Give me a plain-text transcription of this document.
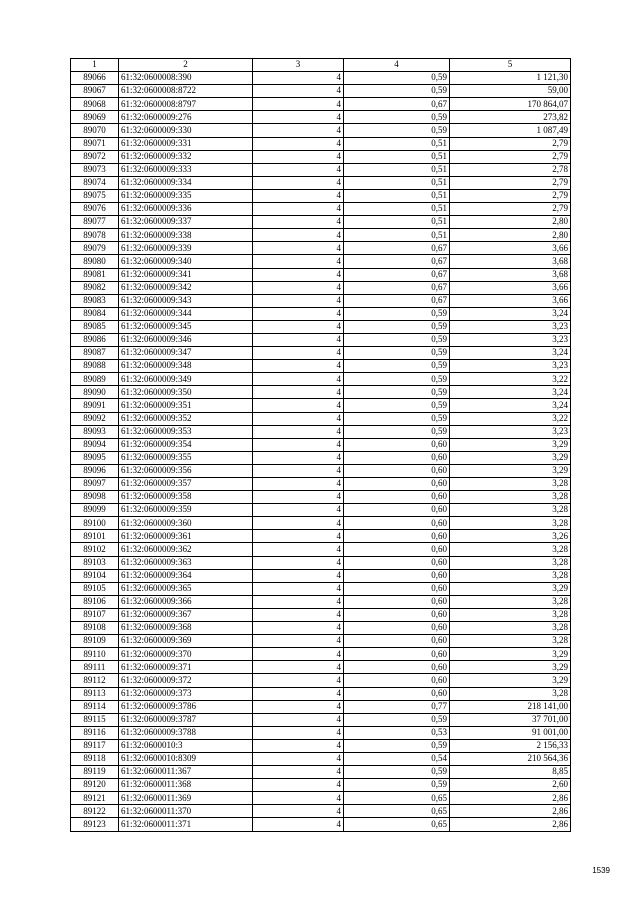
1	2	3	4	5
89066	61:32:0600008:390	4	0,59	1 121,30
89067	61:32:0600008:8722	4	0,59	59,00
89068	61:32:0600008:8797	4	0,67	170 864,07
89069	61:32:0600009:276	4	0,59	273,82
89070	61:32:0600009:330	4	0,59	1 087,49
89071	61:32:0600009:331	4	0,51	2,79
89072	61:32:0600009:332	4	0,51	2,79
89073	61:32:0600009:333	4	0,51	2,78
89074	61:32:0600009:334	4	0,51	2,79
89075	61:32:0600009:335	4	0,51	2,79
89076	61:32:0600009:336	4	0,51	2,79
89077	61:32:0600009:337	4	0,51	2,80
89078	61:32:0600009:338	4	0,51	2,80
89079	61:32:0600009:339	4	0,67	3,66
89080	61:32:0600009:340	4	0,67	3,68
89081	61:32:0600009:341	4	0,67	3,68
89082	61:32:0600009:342	4	0,67	3,66
89083	61:32:0600009:343	4	0,67	3,66
89084	61:32:0600009:344	4	0,59	3,24
89085	61:32:0600009:345	4	0,59	3,23
89086	61:32:0600009:346	4	0,59	3,23
89087	61:32:0600009:347	4	0,59	3,24
89088	61:32:0600009:348	4	0,59	3,23
89089	61:32:0600009:349	4	0,59	3,22
89090	61:32:0600009:350	4	0,59	3,24
89091	61:32:0600009:351	4	0,59	3,24
89092	61:32:0600009:352	4	0,59	3,22
89093	61:32:0600009:353	4	0,59	3,23
89094	61:32:0600009:354	4	0,60	3,29
89095	61:32:0600009:355	4	0,60	3,29
89096	61:32:0600009:356	4	0,60	3,29
89097	61:32:0600009:357	4	0,60	3,28
89098	61:32:0600009:358	4	0,60	3,28
89099	61:32:0600009:359	4	0,60	3,28
89100	61:32:0600009:360	4	0,60	3,28
89101	61:32:0600009:361	4	0,60	3,26
89102	61:32:0600009:362	4	0,60	3,28
89103	61:32:0600009:363	4	0,60	3,28
89104	61:32:0600009:364	4	0,60	3,28
89105	61:32:0600009:365	4	0,60	3,29
89106	61:32:0600009:366	4	0,60	3,28
89107	61:32:0600009:367	4	0,60	3,28
89108	61:32:0600009:368	4	0,60	3,28
89109	61:32:0600009:369	4	0,60	3,28
89110	61:32:0600009:370	4	0,60	3,29
89111	61:32:0600009:371	4	0,60	3,29
89112	61:32:0600009:372	4	0,60	3,29
89113	61:32:0600009:373	4	0,60	3,28
89114	61:32:0600009:3786	4	0,77	218 141,00
89115	61:32:0600009:3787	4	0,59	37 701,00
89116	61:32:0600009:3788	4	0,53	91 001,00
89117	61:32:0600010:3	4	0,59	2 156,33
89118	61:32:0600010:8309	4	0,54	210 564,36
89119	61:32:0600011:367	4	0,59	8,85
89120	61:32:0600011:368	4	0,59	2,60
89121	61:32:0600011:369	4	0,65	2,86
89122	61:32:0600011:370	4	0,65	2,86
89123	61:32:0600011:371	4	0,65	2,86
1539
